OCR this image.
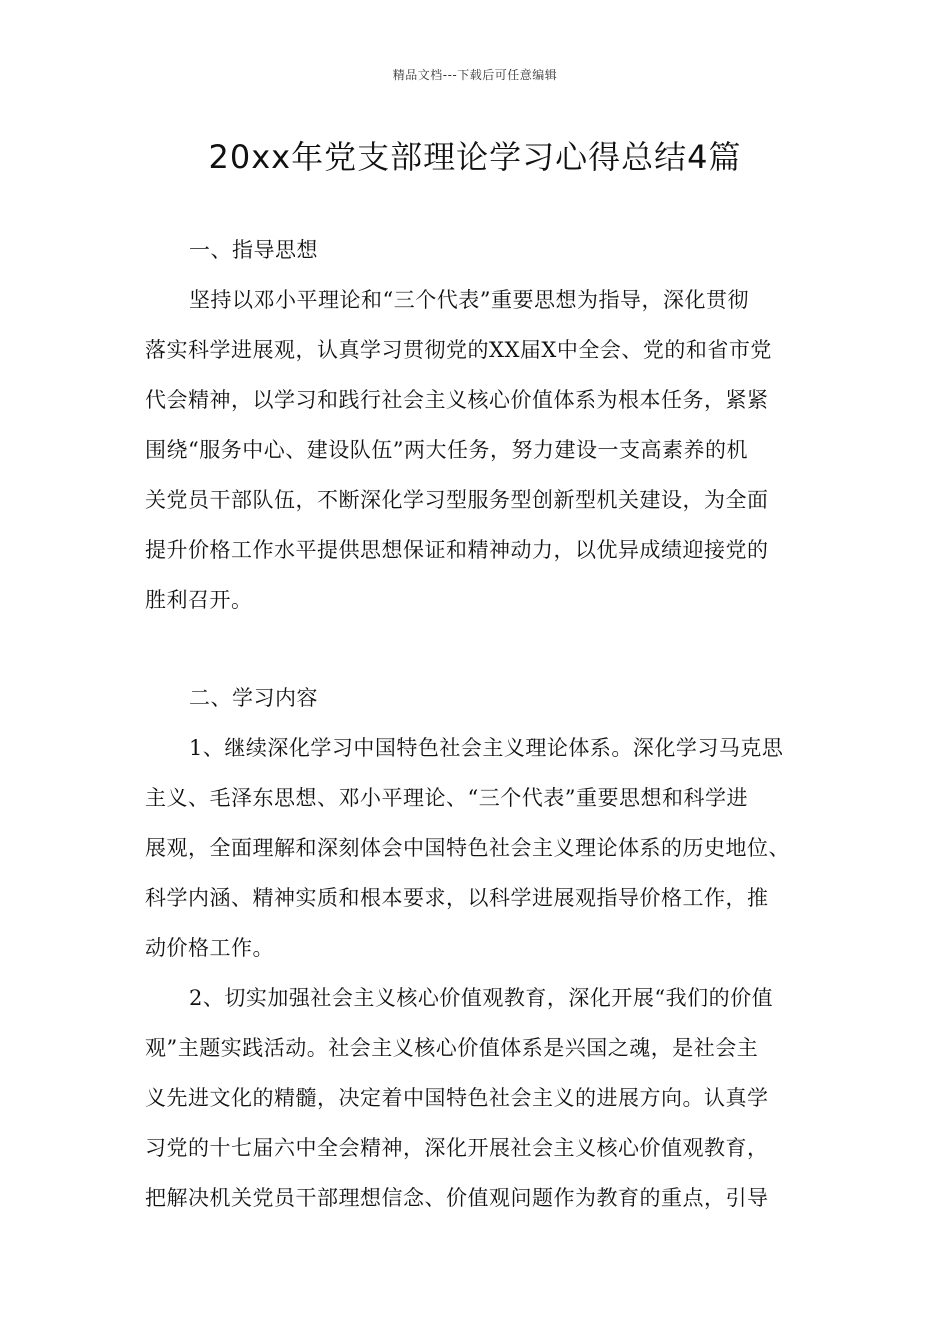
精品文档---下载后可任意编辑
20xx年党支部理论学习心得总结4篇
一、指导思想
坚持以邓小平理论和“三个代表”重要思想为指导，深化贯彻
落实科学进展观，认真学习贯彻党的XX届X中全会、党的和省市党
代会精神，以学习和践行社会主义核心价值体系为根本任务，紧紧
围绕“服务中心、建设队伍”两大任务，努力建设一支高素养的机
关党员干部队伍，不断深化学习型服务型创新型机关建设，为全面
提升价格工作水平提供思想保证和精神动力，以优异成绩迎接党的
胜利召开。
二、学习内容
1、继续深化学习中国特色社会主义理论体系。深化学习马克思
主义、毛泽东思想、邓小平理论、“三个代表”重要思想和科学进
展观，全面理解和深刻体会中国特色社会主义理论体系的历史地位、
科学内涵、精神实质和根本要求，以科学进展观指导价格工作，推
动价格工作。
2、切实加强社会主义核心价值观教育，深化开展“我们的价值
观”主题实践活动。社会主义核心价值体系是兴国之魂，是社会主
义先进文化的精髓，决定着中国特色社会主义的进展方向。认真学
习党的十七届六中全会精神，深化开展社会主义核心价值观教育，
把解决机关党员干部理想信念、价值观问题作为教育的重点，引导
